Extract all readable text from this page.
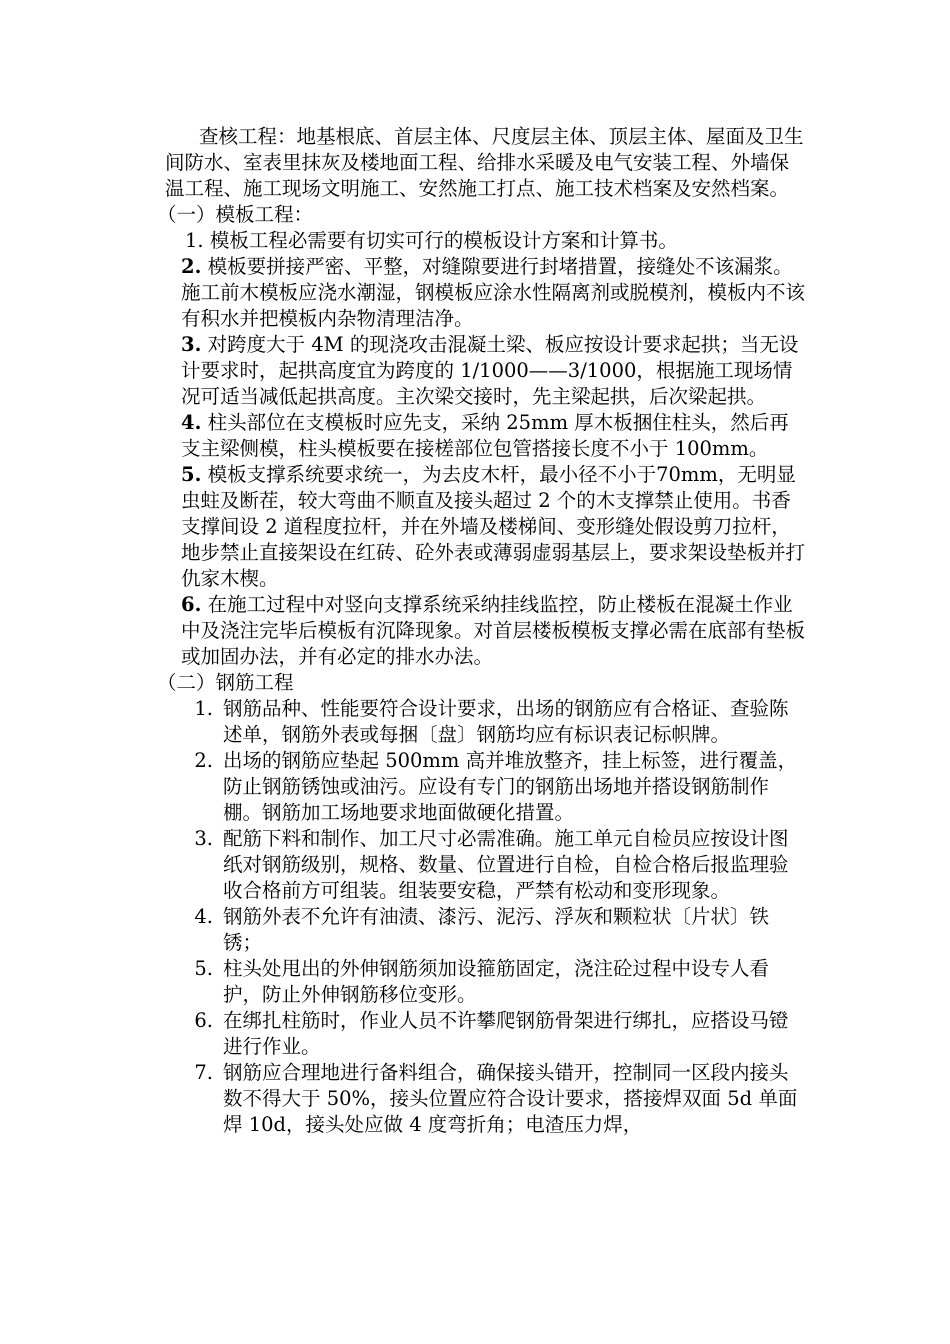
查核工程：地基根底、首层主体、尺度层主体、顶层主体、屋面及卫生间防水、室表里抹灰及楼地面工程、给排水采暖及电气安装工程、外墙保温工程、施工现场文明施工、安然施工打点、施工技术档案及安然档案。

（一）模板工程：

1. 模板工程必需要有切实可行的模板设计方案和计算书。

2. 模板要拼接严密、平整，对缝隙要进行封堵措置，接缝处不该漏浆。施工前木模板应浇水潮湿，钢模板应涂水性隔离剂或脱模剂，模板内不该有积水并把模板内杂物清理洁净。

3. 对跨度大于 4M 的现浇攻击混凝土梁、板应按设计要求起拱；当无设计要求时，起拱高度宜为跨度的 1/1000——3/1000，根据施工现场情况可适当减低起拱高度。主次梁交接时，先主梁起拱，后次梁起拱。

4. 柱头部位在支模板时应先支，采纳 25mm 厚木板捆住柱头，然后再支主梁侧模，柱头模板要在接槎部位包管搭接长度不小于 100mm。

5. 模板支撑系统要求统一，为去皮木杆，最小径不小于70mm，无明显虫蛀及断茬，较大弯曲不顺直及接头超过 2 个的木支撑禁止使用。书香支撑间设 2 道程度拉杆，并在外墙及楼梯间、变形缝处假设剪刀拉杆，地步禁止直接架设在红砖、砼外表或薄弱虚弱基层上，要求架设垫板并打仇家木楔。

6. 在施工过程中对竖向支撑系统采纳挂线监控，防止楼板在混凝土作业中及浇注完毕后模板有沉降现象。对首层楼板模板支撑必需在底部有垫板或加固办法，并有必定的排水办法。

（二）钢筋工程

1. 钢筋品种、性能要符合设计要求，出场的钢筋应有合格证、查验陈述单，钢筋外表或每捆〔盘〕钢筋均应有标识表记标帜牌。
2. 出场的钢筋应垫起 500mm 高并堆放整齐，挂上标签，进行覆盖，防止钢筋锈蚀或油污。应设有专门的钢筋出场地并搭设钢筋制作棚。钢筋加工场地要求地面做硬化措置。
3. 配筋下料和制作、加工尺寸必需准确。施工单元自检员应按设计图纸对钢筋级别，规格、数量、位置进行自检，自检合格后报监理验收合格前方可组装。组装要安稳，严禁有松动和变形现象。
4. 钢筋外表不允许有油渍、漆污、泥污、浮灰和颗粒状〔片状〕铁锈；
5. 柱头处甩出的外伸钢筋须加设箍筋固定，浇注砼过程中设专人看护，防止外伸钢筋移位变形。
6. 在绑扎柱筋时，作业人员不许攀爬钢筋骨架进行绑扎，应搭设马镫进行作业。
7. 钢筋应合理地进行备料组合，确保接头错开，控制同一区段内接头数不得大于 50%，接头位置应符合设计要求，搭接焊双面 5d 单面焊 10d，接头处应做 4 度弯折角；电渣压力焊，
